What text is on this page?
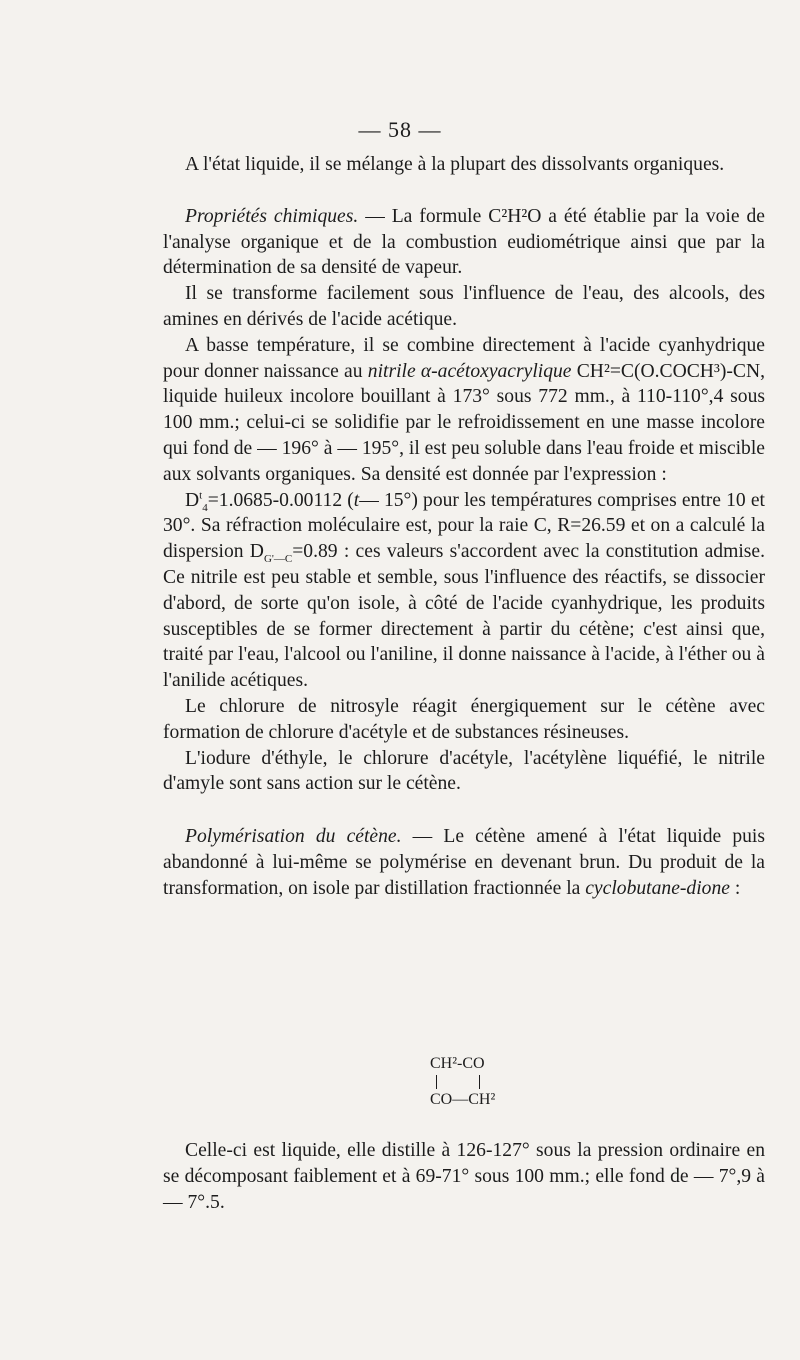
— 58 —

A l'état liquide, il se mélange à la plupart des dissolvants organiques.

Propriétés chimiques. — La formule C²H²O a été établie par la voie de l'analyse organique et de la combustion eudiométrique ainsi que par la détermination de sa densité de vapeur.

Il se transforme facilement sous l'influence de l'eau, des alcools, des amines en dérivés de l'acide acétique.

A basse température, il se combine directement à l'acide cyanhydrique pour donner naissance au nitrile α-acétoxyacrylique CH²=C(O.COCH³)-CN, liquide huileux incolore bouillant à 173° sous 772 mm., à 110-110°,4 sous 100 mm.; celui-ci se solidifie par le refroidissement en une masse incolore qui fond de — 196° à — 195°, il est peu soluble dans l'eau froide et miscible aux solvants organiques. Sa densité est donnée par l'expression :

$D^t_4=1.0685-0.00112$ (t— 15°) pour les températures comprises entre 10 et 30°. Sa réfraction moléculaire est, pour la raie C, R=26.59 et on a calculé la dispersion $D_{G'—C}=0.89$ : ces valeurs s'accordent avec la constitution admise. Ce nitrile est peu stable et semble, sous l'influence des réactifs, se dissocier d'abord, de sorte qu'on isole, à côté de l'acide cyanhydrique, les produits susceptibles de se former directement à partir du cétène; c'est ainsi que, traité par l'eau, l'alcool ou l'aniline, il donne naissance à l'acide, à l'éther ou à l'anilide acétiques.

Le chlorure de nitrosyle réagit énergiquement sur le cétène avec formation de chlorure d'acétyle et de substances résineuses.

L'iodure d'éthyle, le chlorure d'acétyle, l'acétylène liquéfié, le nitrile d'amyle sont sans action sur le cétène.

Polymérisation du cétène. — Le cétène amené à l'état liquide puis abandonné à lui-même se polymérise en devenant brun. Du produit de la transformation, on isole par distillation fractionnée la cyclobutane-dione :

CH²-CO
CO—CH²

Celle-ci est liquide, elle distille à 126-127° sous la pression ordinaire en se décomposant faiblement et à 69-71° sous 100 mm.; elle fond de — 7°,9 à — 7°.5.
